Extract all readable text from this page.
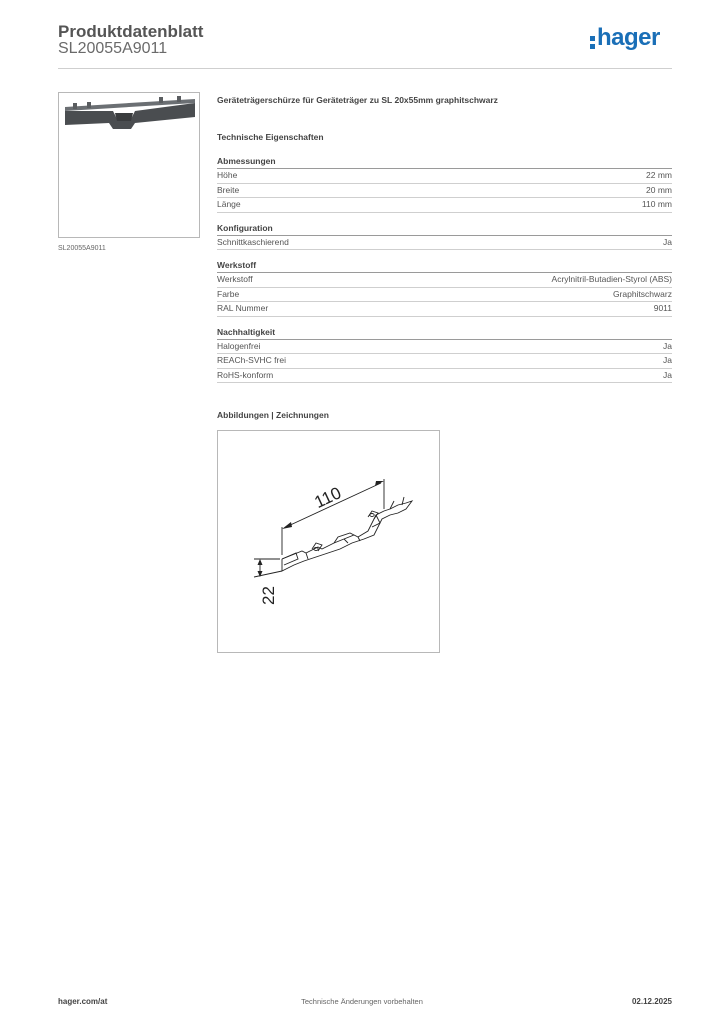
Produktdatenblatt
SL20055A9011	hager
SL20055A9011
Geräteträgerschürze für Geräteträger zu SL 20x55mm graphitschwarz
Technische Eigenschaften
Abmessungen
Höhe	22 mm
Breite	20 mm
Länge	110 mm
Konfiguration
Schnittkaschierend	Ja
Werkstoff
Werkstoff	Acrylnitril-Butadien-Styrol (ABS)
Farbe	Graphitschwarz
RAL Nummer	9011
Nachhaltigkeit
Halogenfrei	Ja
REACh-SVHC frei	Ja
RoHS-konform	Ja
Abbildungen | Zeichnungen
110
22
hager.com/at	Technische Änderungen vorbehalten	02.12.2025
